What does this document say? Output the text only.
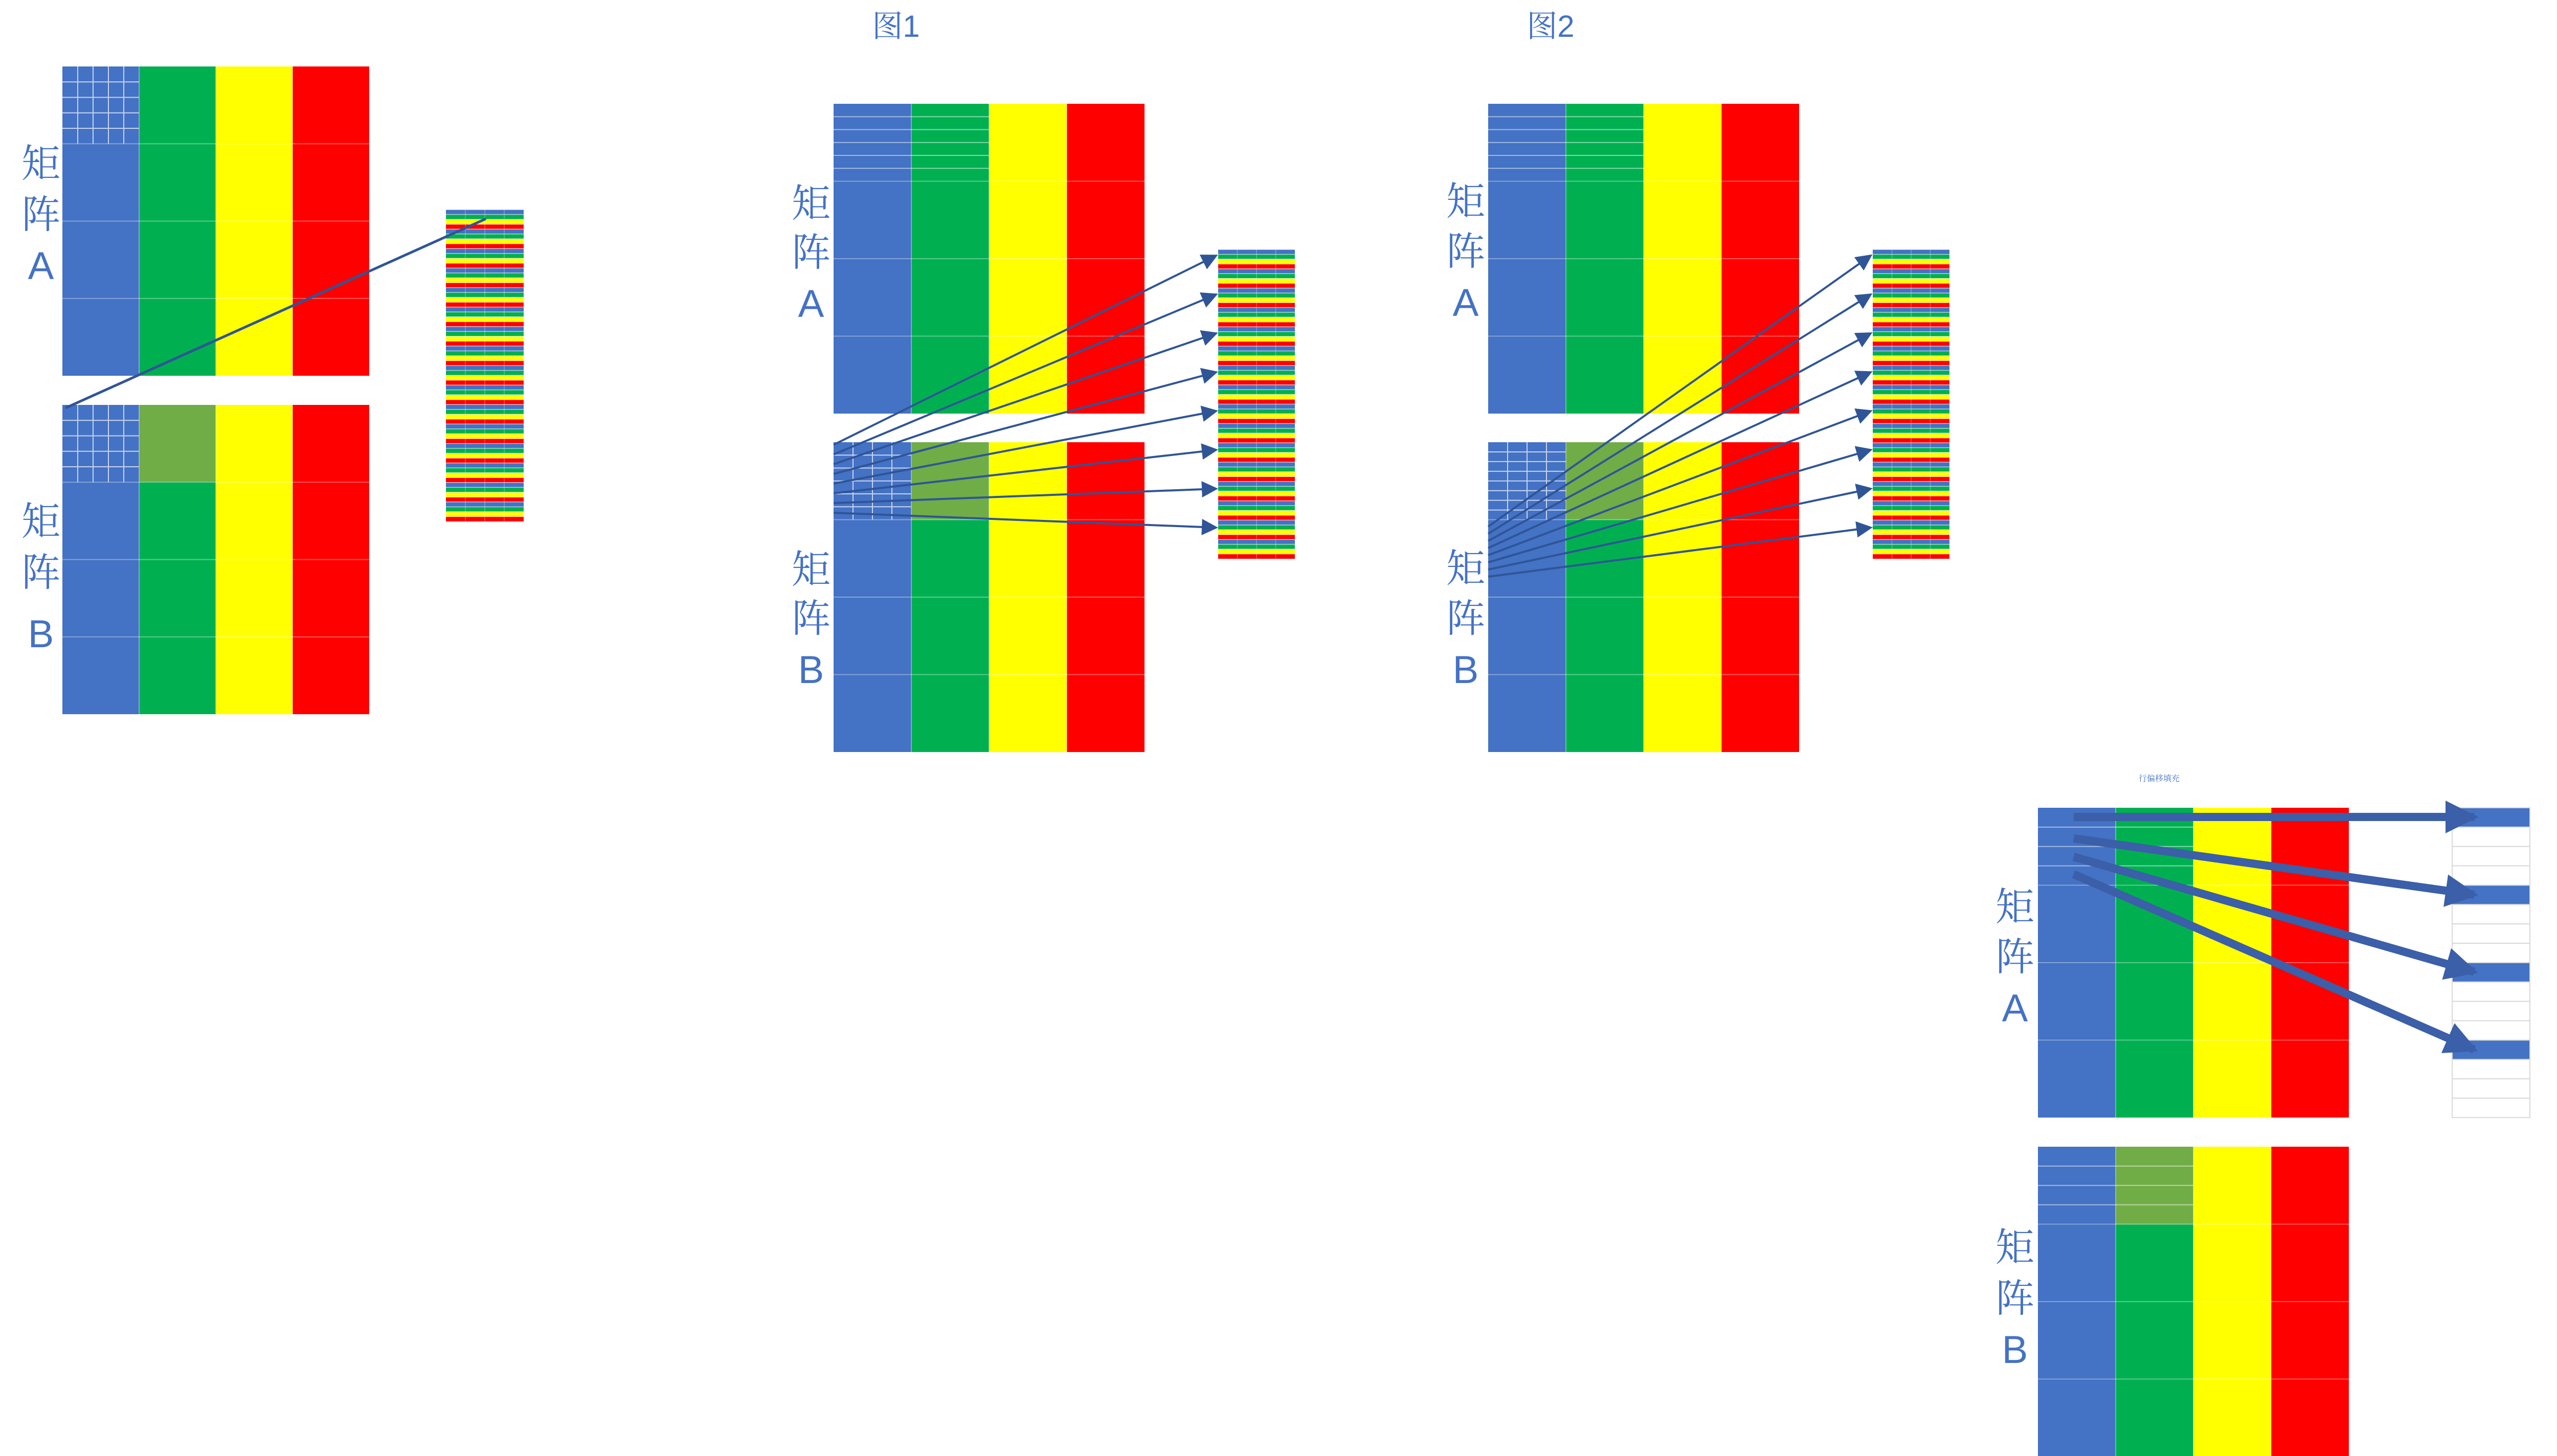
矩
阵
A
矩
阵
B
图1
矩
阵
A
矩
阵
B
图2
矩
阵
A
矩
阵
B
行偏移填充
矩
阵
A
矩
阵
B
